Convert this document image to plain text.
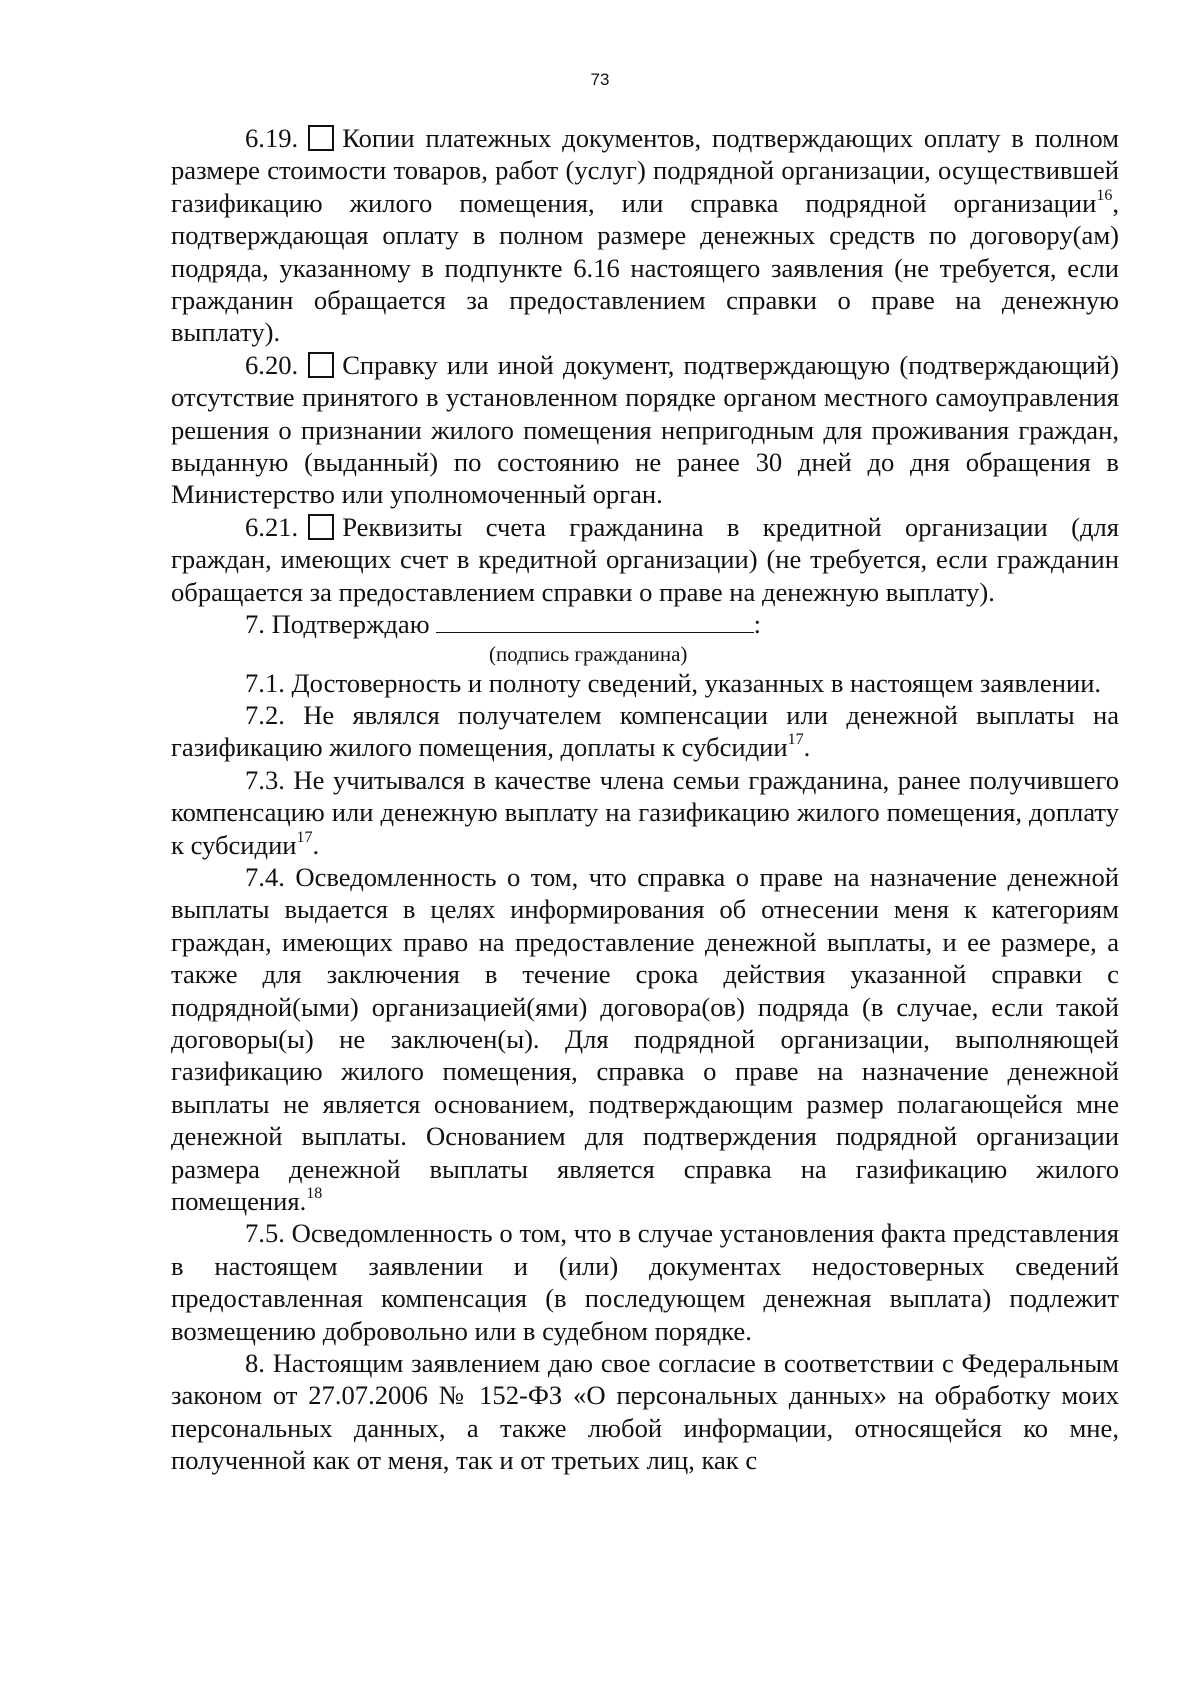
73

6.19. Копии платежных документов, подтверждающих оплату в полном размере стоимости товаров, работ (услуг) подрядной организации, осуществившей газификацию жилого помещения, или справка подрядной организации$^{16}$, подтверждающая оплату в полном размере денежных средств по договору(ам) подряда, указанному в подпункте 6.16 настоящего заявления (не требуется, если гражданин обращается за предоставлением справки о праве на денежную выплату).

6.20. Справку или иной документ, подтверждающую (подтверждающий) отсутствие принятого в установленном порядке органом местного самоуправления решения о признании жилого помещения непригодным для проживания граждан, выданную (выданный) по состоянию не ранее 30 дней до дня обращения в Министерство или уполномоченный орган.

6.21. Реквизиты счета гражданина в кредитной организации (для граждан, имеющих счет в кредитной организации) (не требуется, если гражданин обращается за предоставлением справки о праве на денежную выплату).

7. Подтверждаю	:

(подпись гражданина)

7.1. Достоверность и полноту сведений, указанных в настоящем заявлении.

7.2. Не являлся получателем компенсации или денежной выплаты на газификацию жилого помещения, доплаты к субсидии$^{17}$.

7.3. Не учитывался в качестве члена семьи гражданина, ранее получившего компенсацию или денежную выплату на газификацию жилого помещения, доплату к субсидии$^{17}$.

7.4. Осведомленность о том, что справка о праве на назначение денежной выплаты выдается в целях информирования об отнесении меня к категориям граждан, имеющих право на предоставление денежной выплаты, и ее размере, а также для заключения в течение срока действия указанной справки с подрядной(ыми) организацией(ями) договора(ов) подряда (в случае, если такой договоры(ы) не заключен(ы). Для подрядной организации, выполняющей газификацию жилого помещения, справка о праве на назначение денежной выплаты не является основанием, подтверждающим размер полагающейся мне денежной выплаты. Основанием для подтверждения подрядной организации размера денежной выплаты является справка на газификацию жилого помещения.$^{18}$

7.5. Осведомленность о том, что в случае установления факта представления в настоящем заявлении и (или) документах недостоверных сведений предоставленная компенсация (в последующем денежная выплата) подлежит возмещению добровольно или в судебном порядке.

8. Настоящим заявлением даю свое согласие в соответствии с Федеральным законом от 27.07.2006 № 152-ФЗ «О персональных данных» на обработку моих персональных данных, а также любой информации, относящейся ко мне, полученной как от меня, так и от третьих лиц, как с
